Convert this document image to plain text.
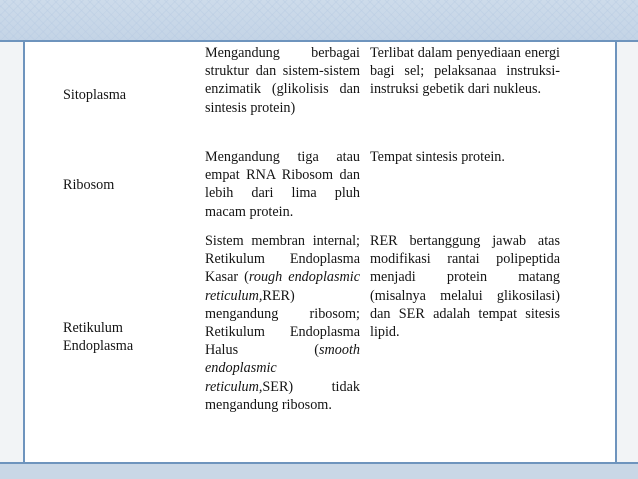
Sitoplasma
Mengandung berbagai struktur dan sistem-sistem enzimatik (glikolisis dan sintesis protein)
Terlibat dalam penyediaan energi bagi sel; pelaksanaa instruksi-instruksi gebetik dari nukleus.
Ribosom
Mengandung tiga atau empat RNA Ribosom dan lebih dari lima pluh macam protein.
Tempat sintesis protein.
Retikulum
Endoplasma
Sistem membran internal; Retikulum Endoplasma Kasar (rough endoplasmic reticulum,RER) mengandung ribosom; Retikulum Endoplasma Halus (smooth endoplasmic reticulum,SER) tidak mengandung ribosom.
RER bertanggung jawab atas modifikasi rantai polipeptida menjadi protein matang (misalnya melalui glikosilasi) dan SER adalah tempat sitesis lipid.
